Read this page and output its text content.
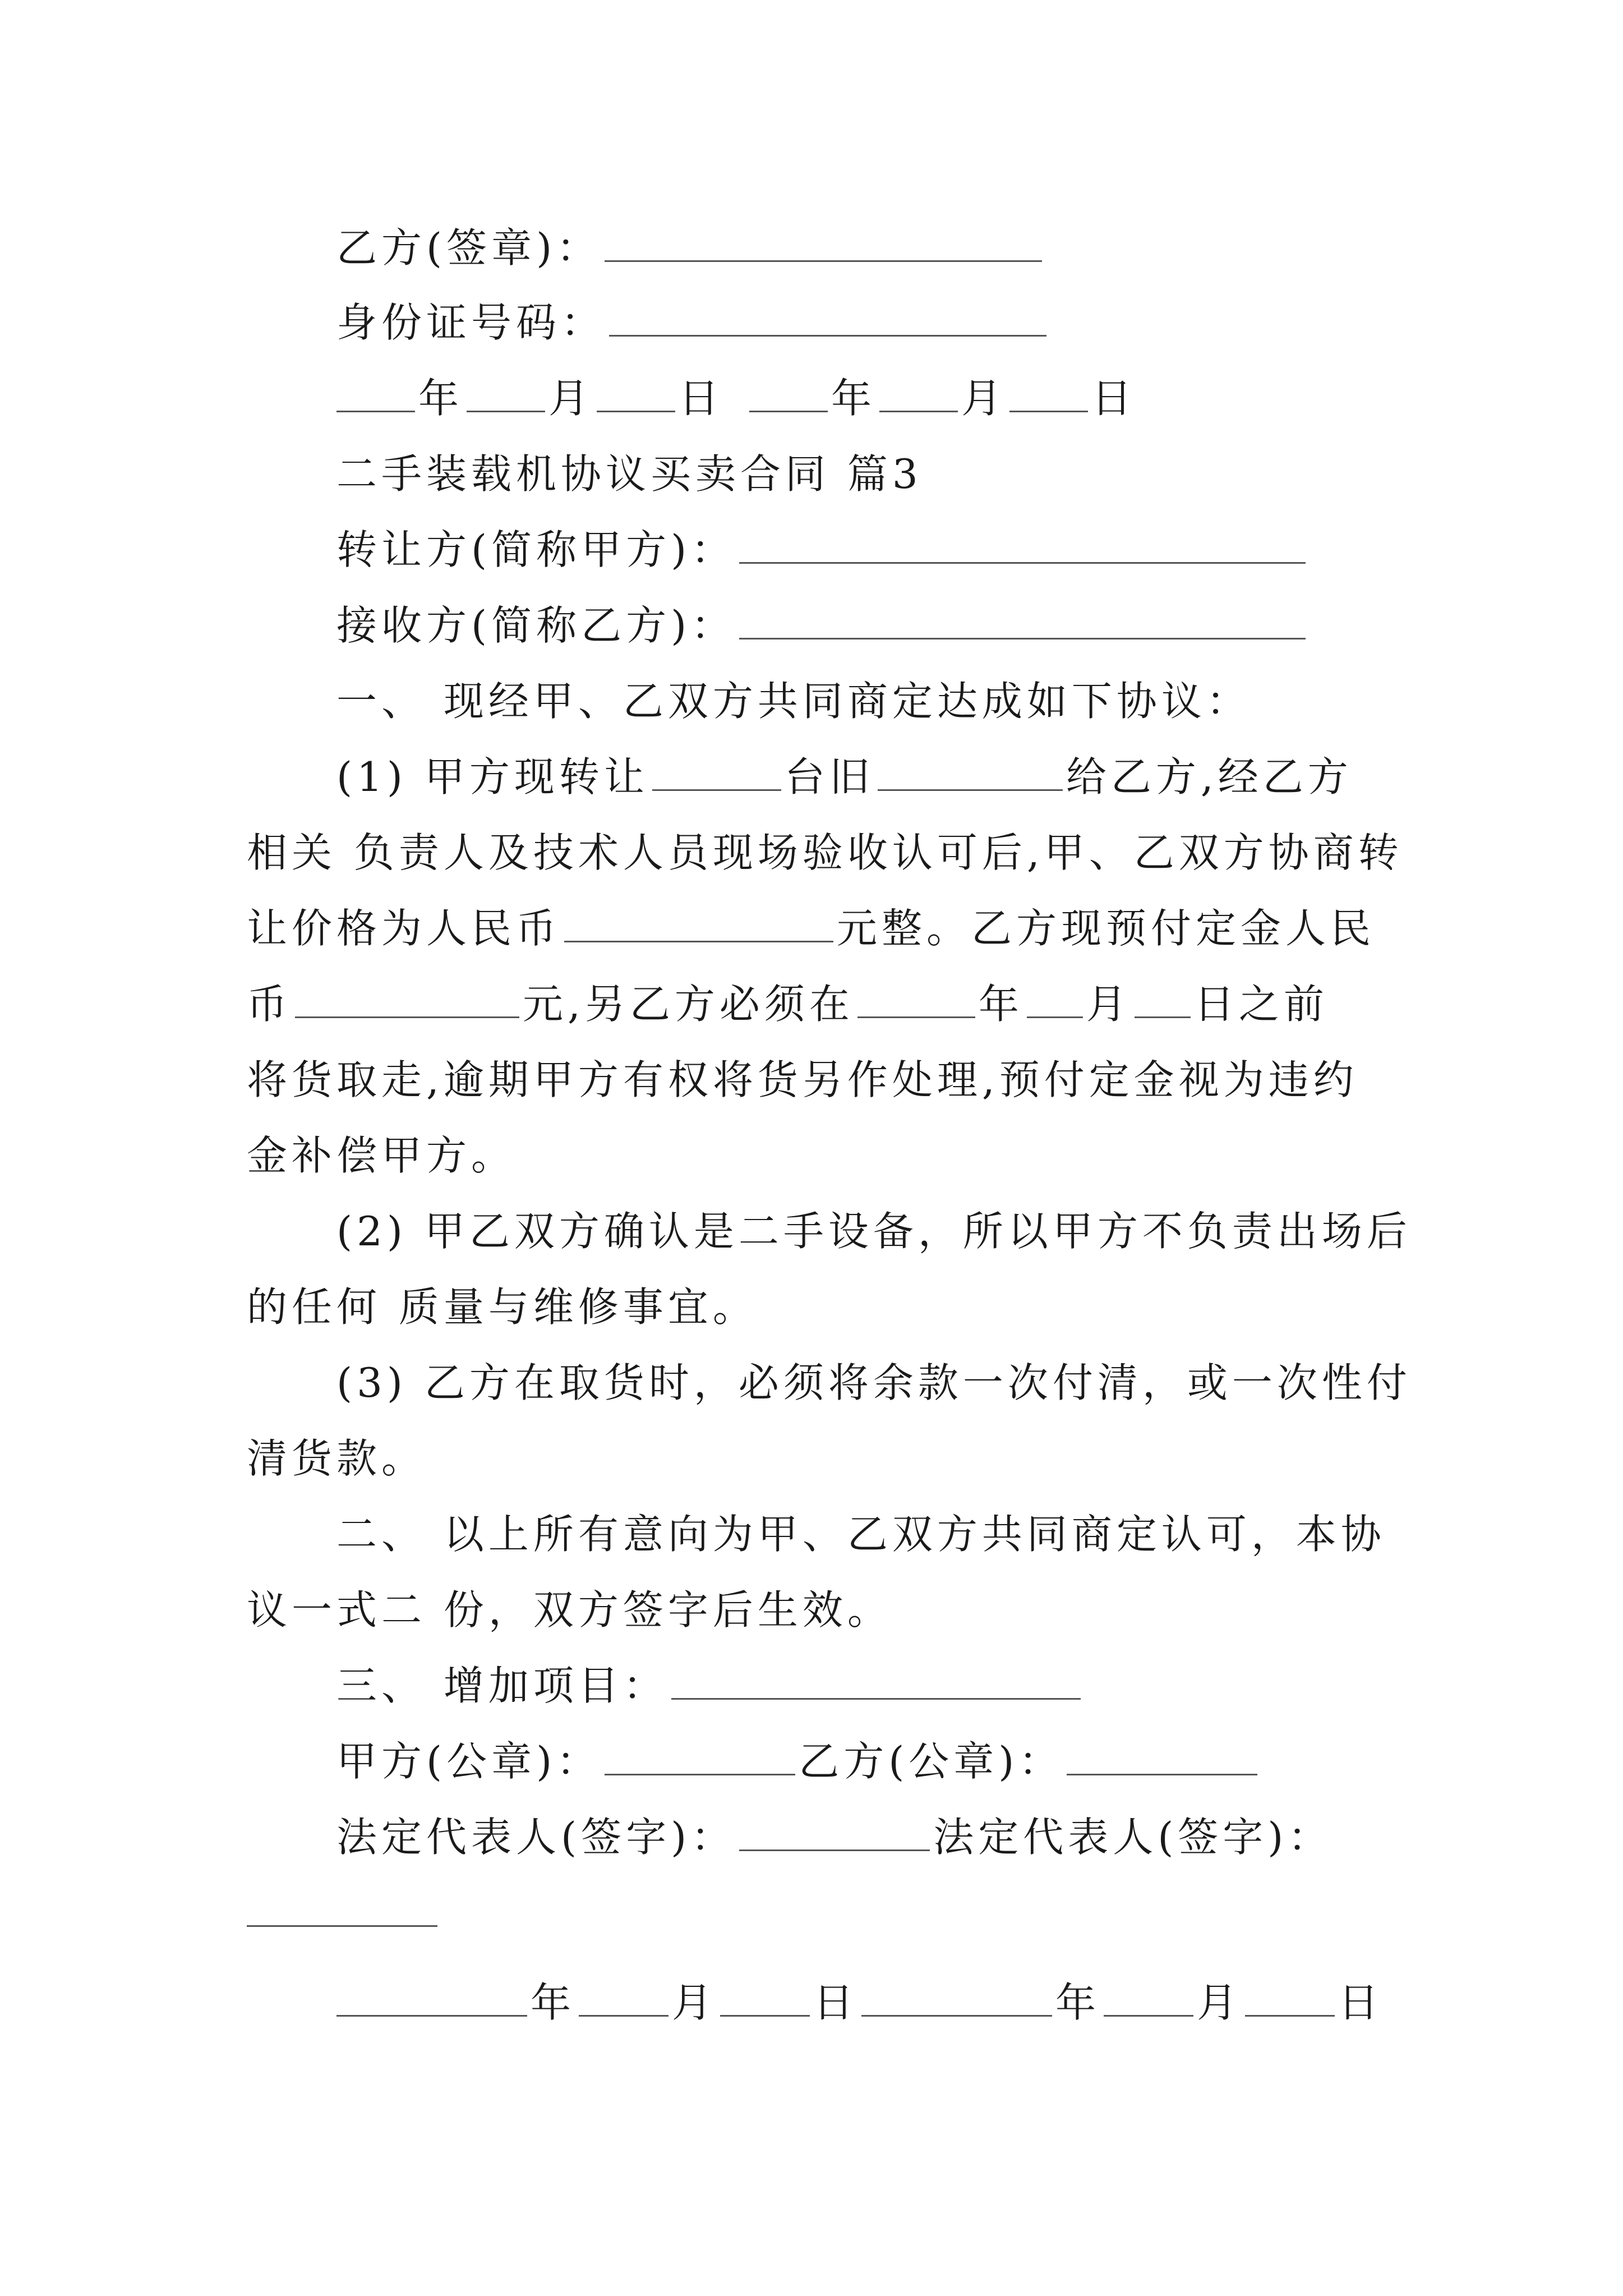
乙方(签章)：
身份证号码：
年 月 日	年 月 日
二手装载机协议买卖合同 篇3
转让方(简称甲方)：
接收方(简称乙方)：
一、 现经甲、乙双方共同商定达成如下协议：
(1) 甲方现转让	台旧	给乙方,经乙方
相关 负责人及技术人员现场验收认可后,甲、乙双方协商转
让价格为人民币	元整。乙方现预付定金人民
币	元,另乙方必须在	年 月 日之前
将货取走,逾期甲方有权将货另作处理,预付定金视为违约
金补偿甲方。
(2) 甲乙双方确认是二手设备，所以甲方不负责出场后
的任何 质量与维修事宜。
(3) 乙方在取货时，必须将余款一次付清，或一次性付
清货款。
二、 以上所有意向为甲、乙双方共同商定认可，本协
议一式二 份，双方签字后生效。
三、 增加项目：
甲方(公章)：	乙方(公章)：
法定代表人(签字)：	法定代表人(签字)：
年 月 日	年 月 日
